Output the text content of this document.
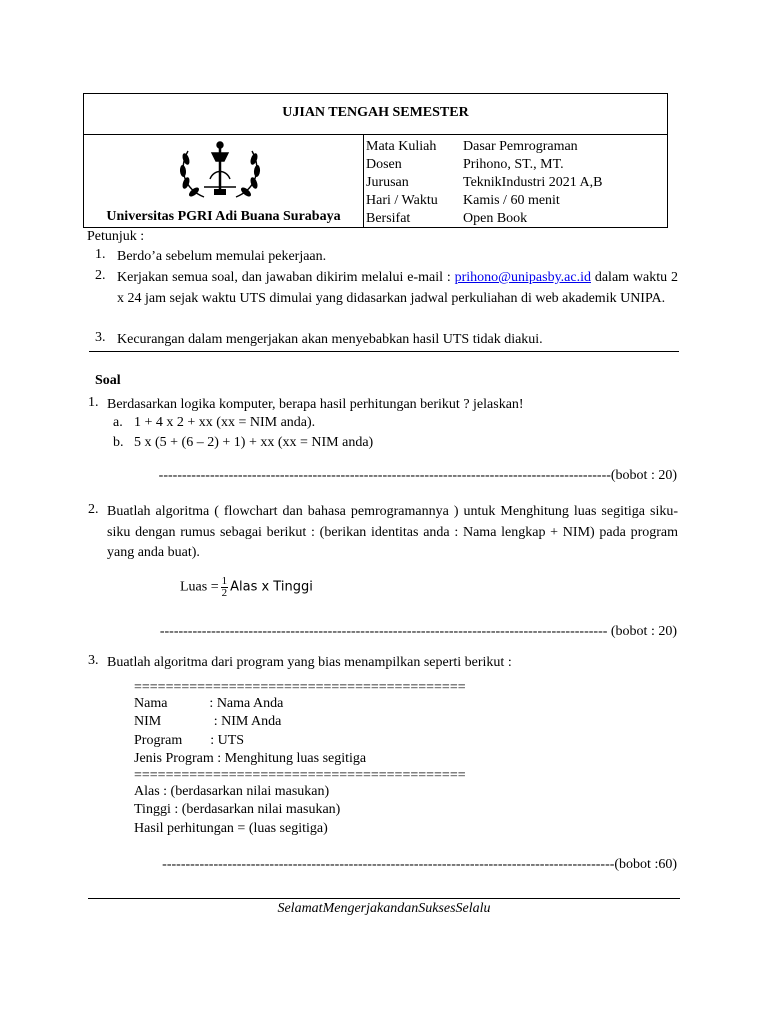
UJIAN TENGAH SEMESTER
Universitas PGRI Adi Buana Surabaya
Mata Kuliah	Dasar Pemrograman
Dosen	Prihono, ST., MT.
Jurusan	TeknikIndustri 2021 A,B
Hari / Waktu	Kamis / 60 menit
Bersifat	Open Book
Petunjuk :
1. Berdo’a sebelum memulai pekerjaan.
2. Kerjakan semua soal, dan jawaban dikirim melalui e-mail : prihono@unipasby.ac.id dalam waktu 2 x 24 jam sejak waktu UTS dimulai yang didasarkan jadwal perkuliahan di web akademik UNIPA.
3. Kecurangan dalam mengerjakan akan menyebabkan hasil UTS tidak diakui.
Soal
1. Berdasarkan logika komputer, berapa hasil perhitungan berikut ? jelaskan!
a. 1 + 4 x 2 + xx (xx = NIM anda).
b. 5 x (5 + (6 – 2) + 1) + xx (xx = NIM anda)
-------------------------------------------------------------------------------------------------(bobot : 20)
2. Buatlah algoritma ( flowchart dan bahasa pemrogramannya ) untuk Menghitung luas segitiga siku-siku dengan rumus sebagai berikut : (berikan identitas anda : Nama lengkap + NIM) pada program yang anda buat).
Luas = $\frac{1}{2}$ Alas x Tinggi
------------------------------------------------------------------------------------------------ (bobot : 20)
3. Buatlah algoritma dari program yang bias menampilkan seperti berikut :
==========================================
Nama            : Nama Anda
NIM               : NIM Anda
Program        : UTS
Jenis Program : Menghitung luas segitiga
==========================================
Alas : (berdasarkan nilai masukan)
Tinggi : (berdasarkan nilai masukan)
Hasil perhitungan = (luas segitiga)
-------------------------------------------------------------------------------------------------(bobot :60)
SelamatMengerjakandanSuksesSelalu
